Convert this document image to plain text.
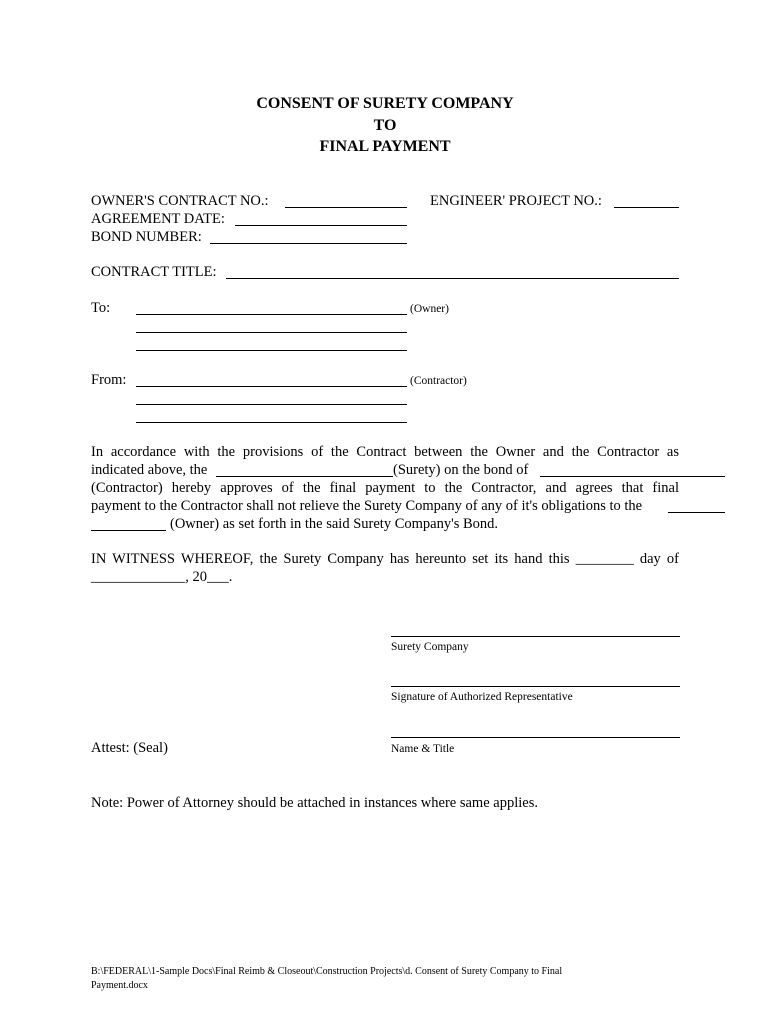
CONSENT OF SURETY COMPANY
TO
FINAL PAYMENT
OWNER'S CONTRACT NO.:	ENGINEER' PROJECT NO.:
AGREEMENT DATE:
BOND NUMBER:
CONTRACT TITLE:
To:	(Owner)
From:	(Contractor)
In accordance with the provisions of the Contract between the Owner and the Contractor as
indicated above, the	(Surety) on the bond of
(Contractor) hereby approves of the final payment to the Contractor, and agrees that final
payment to the Contractor shall not relieve the Surety Company of any of it's obligations to the
(Owner) as set forth in the said Surety Company's Bond.
IN WITNESS WHEREOF, the Surety Company has hereunto set its hand this ________ day of
_____________, 20___.
Surety Company
Signature of Authorized Representative
Attest: (Seal)	Name & Title
Note: Power of Attorney should be attached in instances where same applies.
B:\FEDERAL\1-Sample Docs\Final Reimb & Closeout\Construction Projects\d. Consent of Surety Company to Final
Payment.docx
